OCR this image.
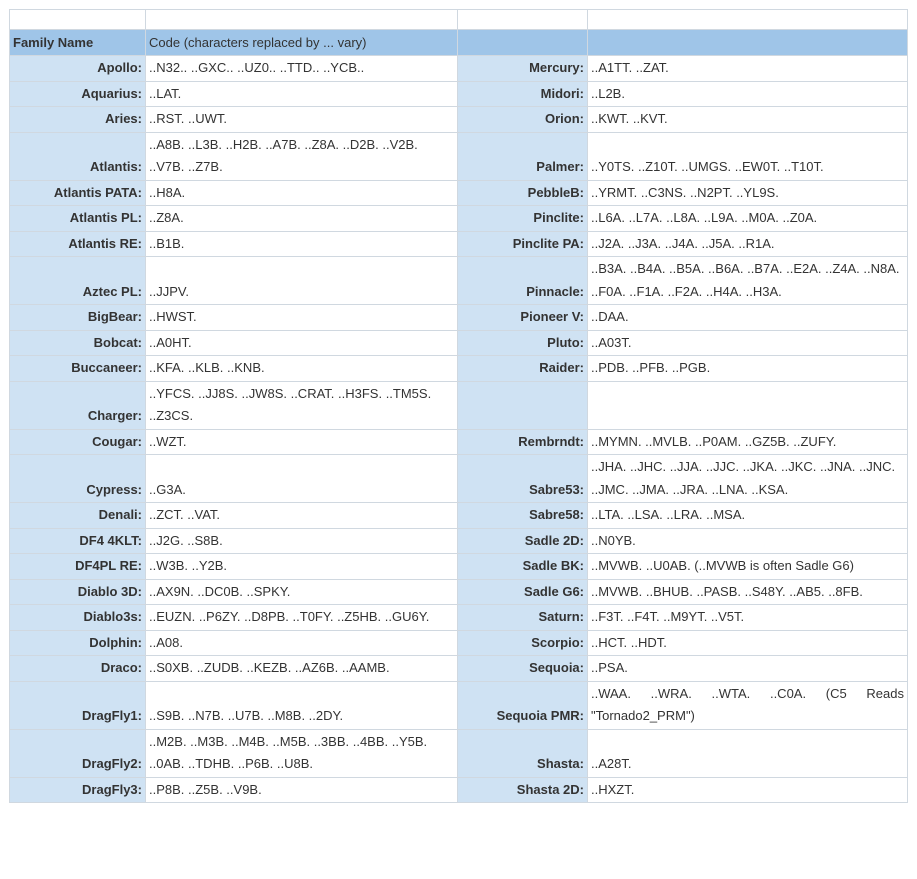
Family Name	Code (characters replaced by ... vary)		
Apollo:	..N32.. ..GXC.. ..UZ0.. ..TTD.. ..YCB..	Mercury:	..A1TT. ..ZAT.
Aquarius:	..LAT.	Midori:	..L2B.
Aries:	..RST. ..UWT.	Orion:	..KWT. ..KVT.
Atlantis:	..A8B. ..L3B. ..H2B. ..A7B. ..Z8A. ..D2B. ..V2B. ..V7B. ..Z7B.	Palmer:	..Y0TS. ..Z10T. ..UMGS. ..EW0T. ..T10T.
Atlantis PATA:	..H8A.	PebbleB:	..YRMT. ..C3NS. ..N2PT. ..YL9S.
Atlantis PL:	..Z8A.	Pinclite:	..L6A. ..L7A. ..L8A. ..L9A. ..M0A. ..Z0A.
Atlantis RE:	..B1B.	Pinclite PA:	..J2A. ..J3A. ..J4A. ..J5A. ..R1A.
Aztec PL:	..JJPV.	Pinnacle:	..B3A. ..B4A. ..B5A. ..B6A. ..B7A. ..E2A. ..Z4A. ..N8A. ..F0A. ..F1A. ..F2A. ..H4A. ..H3A.
BigBear:	..HWST.	Pioneer V:	..DAA.
Bobcat:	..A0HT.	Pluto:	..A03T.
Buccaneer:	..KFA. ..KLB. ..KNB.	Raider:	..PDB. ..PFB. ..PGB.
Charger:	..YFCS. ..JJ8S. ..JW8S. ..CRAT. ..H3FS. ..TM5S. ..Z3CS.		
Cougar:	..WZT.	Rembrndt:	..MYMN. ..MVLB. ..P0AM. ..GZ5B. ..ZUFY.
Cypress:	..G3A.	Sabre53:	..JHA. ..JHC. ..JJA. ..JJC. ..JKA. ..JKC. ..JNA. ..JNC. ..JMC. ..JMA. ..JRA. ..LNA. ..KSA.
Denali:	..ZCT. ..VAT.	Sabre58:	..LTA. ..LSA. ..LRA. ..MSA.
DF4 4KLT:	..J2G. ..S8B.	Sadle 2D:	..N0YB.
DF4PL RE:	..W3B. ..Y2B.	Sadle BK:	..MVWB. ..U0AB. (..MVWB is often Sadle G6)
Diablo 3D:	..AX9N. ..DC0B. ..SPKY.	Sadle G6:	..MVWB. ..BHUB. ..PASB. ..S48Y. ..AB5. ..8FB.
Diablo3s:	..EUZN. ..P6ZY. ..D8PB. ..T0FY. ..Z5HB. ..GU6Y.	Saturn:	..F3T. ..F4T. ..M9YT. ..V5T.
Dolphin:	..A08.	Scorpio:	..HCT. ..HDT.
Draco:	..S0XB. ..ZUDB. ..KEZB. ..AZ6B. ..AAMB.	Sequoia:	..PSA.
DragFly1:	..S9B. ..N7B. ..U7B. ..M8B. ..2DY.	Sequoia PMR:	..WAA. ..WRA. ..WTA. ..C0A. (C5 Reads "Tornado2_PRM")
DragFly2:	..M2B. ..M3B. ..M4B. ..M5B. ..3BB. ..4BB. ..Y5B. ..0AB. ..TDHB. ..P6B. ..U8B.	Shasta:	..A28T.
DragFly3:	..P8B. ..Z5B. ..V9B.	Shasta 2D:	..HXZT.
